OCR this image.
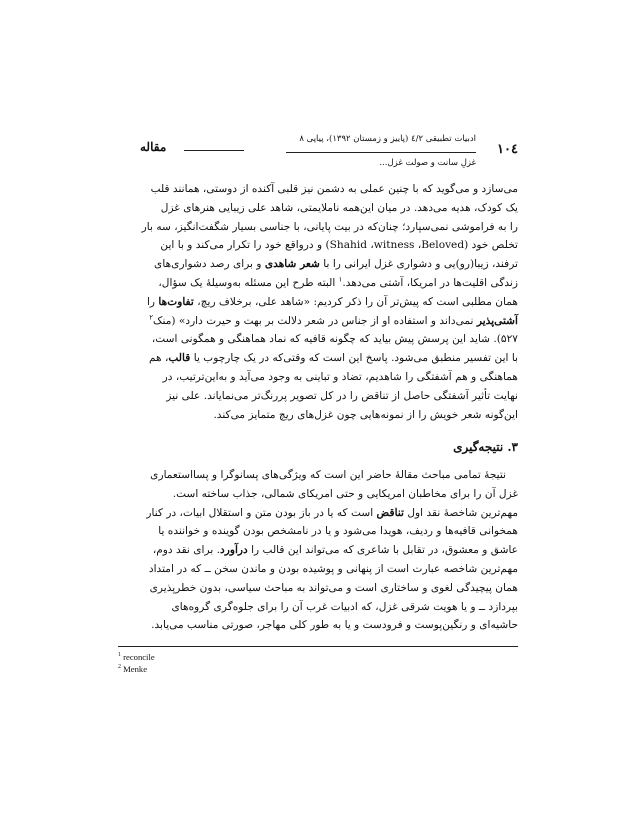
۱۰٤
ادبیات تطبیقی ٤/۲ (پاییز و زمستان ۱۳۹۲)، پیاپی ۸
غزلِ سانت و صولت غزل...
مقاله

می‌سازد و می‌گوید که با چنین عملی به دشمن نیز قلبی آکنده از دوستی، همانند قلب

یک کودک، هدیه می‌دهد. در میان این‌همه ناملایمتی، شاهد علی زیبایی هنرهای غزل

را به فراموشی نمی‌سپارد؛ چنان‌که در بیت پایانی، با جناسی بسیار شگفت‌انگیز، سه بار

تخلص خود (Shahid ،witness ،Beloved) و درواقع خود را تکرار می‌کند و با این

ترفند، زیبا(رو)یی و دشواری غزل ایرانی را با شعر شاهدی و برای رصد دشواری‌های

زندگی اقلیت‌ها در امریکا، آشتی می‌دهد.$^۱$ البته طرح این مسئله به‌وسیلهٔ یک سؤال،

همان مطلبی است که پیش‌تر آن را ذکر کردیم: «شاهد علی، برخلاف ریچ، تفاوت‌ها را

آشتی‌پذیر نمی‌داند و استفاده او از جناس در شعر دلالت بر بهت و حیرت دارد» (منک$^۲$

۵۲۷). شاید این پرسش پیش بیاید که چگونه قافیه که نماد هماهنگی و همگونی است،

با این تفسیر منطبق می‌شود. پاسخ این است که وقتی‌که در یک چارچوب یا قالب، هم

هماهنگی و هم آشفتگی را شاهدیم، تضاد و تباینی به وجود می‌آید و به‌این‌ترتیب، در

نهایت تأثیر آشفتگی حاصل از تناقض را در کل تصویر پررنگ‌تر می‌نمایاند. علی نیز

این‌گونه شعر خویش را از نمونه‌هایی چون غزل‌های ریچ متمایز می‌کند.

۳. نتیجه‌گیری

نتیجهٔ تمامی مباحث مقالهٔ حاضر این است که ویژگی‌های پسانوگرا و پسااستعماری

غزل آن را برای مخاطبان امریکایی و حتی امریکای شمالی، جذاب ساخته است.

مهم‌ترین شاخصهٔ نقد اول تناقض است که یا در باز بودن متن و استقلال ابیات، در کنار

همخوانی قافیه‌ها و ردیف، هویدا می‌شود و یا در نامشخص بودن گوینده و خواننده یا

عاشق و معشوق، در تقابل با شاعری که می‌تواند این قالب را درآورد. برای نقد دوم،

مهم‌ترین شاخصه عبارت است از پنهانی و پوشیده بودن و ماندن سخن ــ که در امتداد

همان پیچیدگی لغوی و ساختاری است و می‌تواند به مباحث سیاسی، بدون خطرپذیری

بپردازد ــ و یا هویت شرقی غزل، که ادبیات غرب آن را برای جلوه‌گری گروه‌های

حاشیه‌ای و رنگین‌پوست و فرودست و یا به طور کلی مهاجر، صورتی مناسب می‌یابد.

$^1$ reconcile
$^2$ Menke
